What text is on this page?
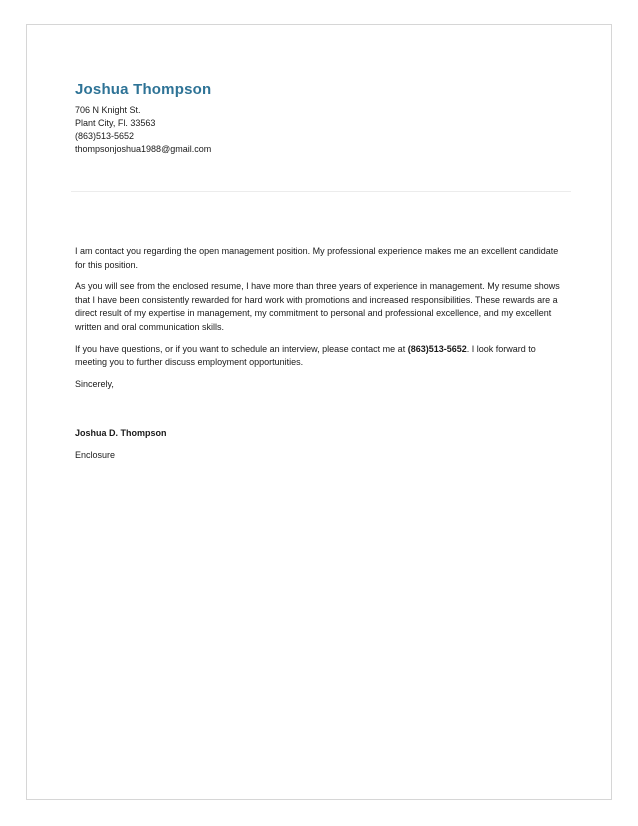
Joshua Thompson
706 N Knight St.
Plant City, Fl. 33563
(863)513-5652
thompsonjoshua1988@gmail.com

I am contact you regarding the open management position. My professional experience makes me an excellent candidate for this position.

As you will see from the enclosed resume, I have more than three years of experience in management. My resume shows that I have been consistently rewarded for hard work with promotions and increased responsibilities. These rewards are a direct result of my expertise in management, my commitment to personal and professional excellence, and my excellent written and oral communication skills.

If you have questions, or if you want to schedule an interview, please contact me at (863)513-5652. I look forward to meeting you to further discuss employment opportunities.

Sincerely,

Joshua D. Thompson

Enclosure
